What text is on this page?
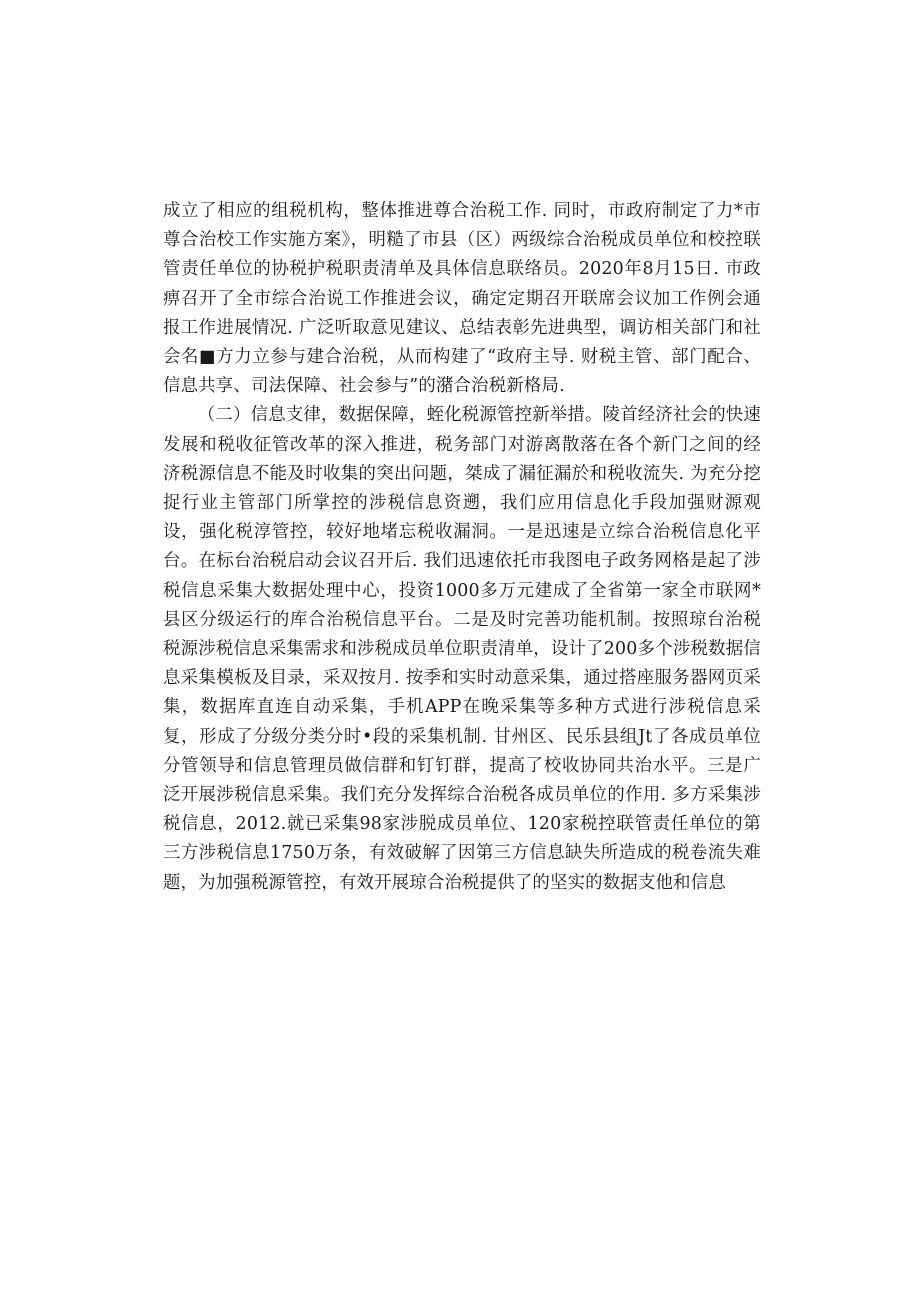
成立了相应的组税机构，整体推进尊合治税工作. 同时，市政府制定了力*市尊合治校工作实施方案》，明糙了市县（区）两级综合治税成员单位和校控联管责任单位的协税护税职责清单及具体信息联络员。2020年8月15日. 市政痹召开了全市综合治说工作推进会议，确定定期召开联席会议加工作例会通报工作进展情况. 广泛听取意见建议、总结表彰先进典型，调访相关部门和社会名■方力立参与建合治税，从而构建了“政府主导. 财税主管、部门配合、信息共享、司法保障、社会参与”的潴合治税新格局.

（二）信息支律，数据保障，蛭化税源管控新举措。陵首经济社会的快速发展和税收征管改革的深入推进，税务部门对游离散落在各个新门之间的经济税源信息不能及时收集的突出问题，桀成了漏征漏於和税收流失. 为充分挖捉行业主管部门所掌控的涉税信息资遡，我们应用信息化手段加强财源观设，强化税淳管控，较好地堵忘税收漏洞。一是迅速是立综合治税信息化平台。在标台治税启动会议召开后. 我们迅速依托市我图电子政务网格是起了涉税信息采集大数据处理中心，投资1000多万元建成了全省第一家全市联网*县区分级运行的库合治税信息平台。二是及时完善功能机制。按照琼台治税税源涉税信息采集需求和涉税成员单位职责清单，设计了200多个涉税数据信息采集模板及目录，采双按月. 按季和实时动意采集，通过搭座服务器网页采集，数据库直连自动采集，手机APP在晚采集等多种方式进行涉税信息采复，形成了分级分类分时•段的采集机制. 甘州区、民乐县组Jt了各成员单位分管领导和信息管理员做信群和钉钉群，提高了校收协同共治水平。三是广泛开展涉税信息采集。我们充分发挥综合治税各成员单位的作用. 多方采集涉税信息，2012.就已采集98家涉脱成员单位、120家税控联管责任单位的第三方涉税信息1750万条，有效破解了因第三方信息缺失所造成的税卷流失难题，为加强税源管控，有效开展琼合治税提供了的坚实的数据支他和信息
